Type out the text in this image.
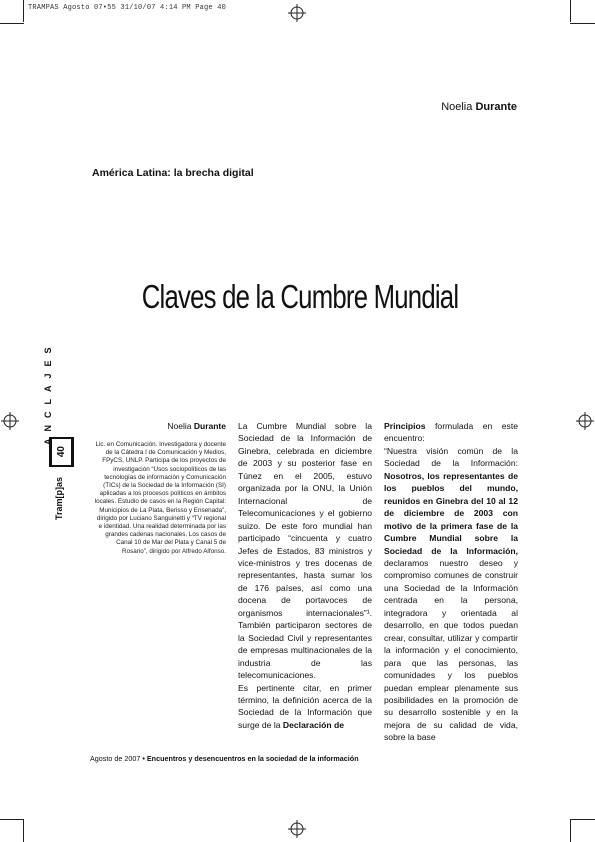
TRAMPAS Agosto 07•55 31/10/07 4:14 PM Page 40
Noelia Durante
América Latina: la brecha digital
Claves de la Cumbre Mundial
ANCLAJES
40
Tram[p]as
Noelia Durante
Lic. en Comunicación. Investigadora y docente de la Cátedra I de Comunicación y Medios, FPyCS, UNLP. Participa de los proyectos de investigación “Usos sociopolíticos de las tecnologías de información y Comunicación (TICs) de la Sociedad de la Información (SI) aplicadas a los procesos políticos en ámbitos locales. Estudio de casos en la Región Capital: Municipios de La Plata, Berisso y Ensenada”, dirigido por Luciano Sanguinetti y “TV regional e identidad. Una realidad determinada por las grandes cadenas nacionales. Los casos de Canal 10 de Mar del Plata y Canal 5 de Rosario”, dirigido por Alfredo Alfonso.

La Cumbre Mundial sobre la Sociedad de la Información de Ginebra, celebrada en diciembre de 2003 y su posterior fase en Túnez en el 2005, estuvo organizada por la ONU, la Unión Internacional de Telecomunicaciones y el gobierno suizo. De este foro mundial han participado “cincuenta y cuatro Jefes de Estados, 83 ministros y vice-ministros y tres docenas de representantes, hasta sumar los de 176 países, así como una docena de portavoces de organismos internacionales”¹. También participaron sectores de la Sociedad Civil y representantes de empresas multinacionales de la industria de las telecomunicaciones.

Es pertinente citar, en primer término, la definición acerca de la Sociedad de la Información que surge de la Declaración de

Principios formulada en este encuentro:

“Nuestra visión común de la Sociedad de la Información: Nosotros, los representantes de los pueblos del mundo, reunidos en Ginebra del 10 al 12 de diciembre de 2003 con motivo de la primera fase de la Cumbre Mundial sobre la Sociedad de la Información, declaramos nuestro deseo y compromiso comunes de construir una Sociedad de la Información centrada en la persona, integradora y orientada al desarrollo, en que todos puedan crear, consultar, utilizar y compartir la información y el conocimiento, para que las personas, las comunidades y los pueblos puedan emplear plenamente sus posibilidades en la promoción de su desarrollo sostenible y en la mejora de su calidad de vida, sobre la base

Agosto de 2007 • Encuentros y desencuentros en la sociedad de la información
